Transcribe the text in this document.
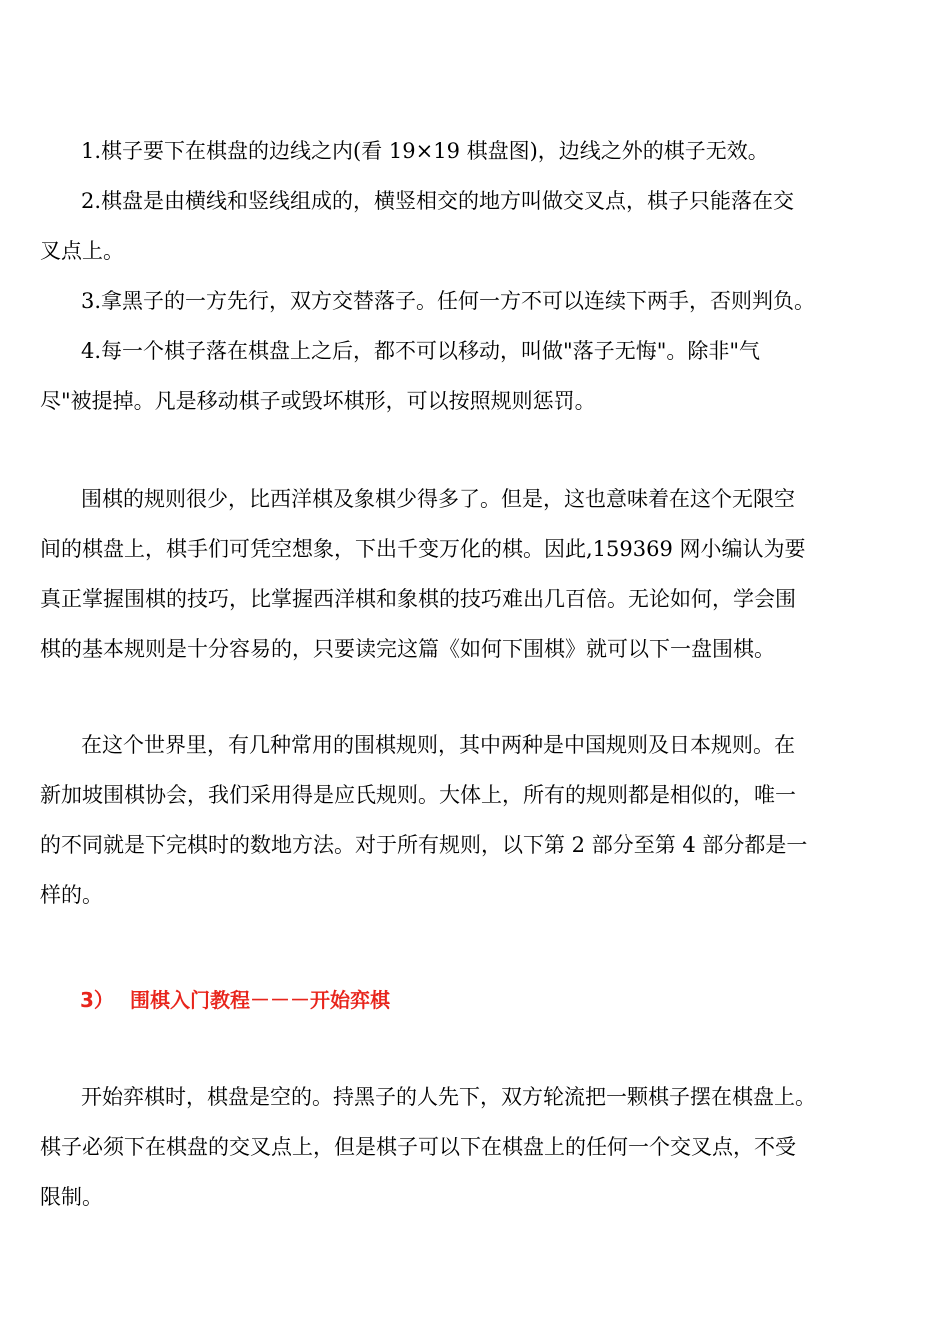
1.棋子要下在棋盘的边线之内(看 19×19 棋盘图)，边线之外的棋子无效。
2.棋盘是由横线和竖线组成的，横竖相交的地方叫做交叉点，棋子只能落在交
叉点上。
3.拿黑子的一方先行，双方交替落子。任何一方不可以连续下两手，否则判负。
4.每一个棋子落在棋盘上之后，都不可以移动，叫做"落子无悔"。除非"气
尽"被提掉。凡是移动棋子或毁坏棋形，可以按照规则惩罚。
围棋的规则很少，比西洋棋及象棋少得多了。但是，这也意味着在这个无限空
间的棋盘上，棋手们可凭空想象，下出千变万化的棋。因此,159369 网小编认为要
真正掌握围棋的技巧，比掌握西洋棋和象棋的技巧难出几百倍。无论如何，学会围
棋的基本规则是十分容易的，只要读完这篇《如何下围棋》就可以下一盘围棋。
在这个世界里，有几种常用的围棋规则，其中两种是中国规则及日本规则。在
新加坡围棋协会，我们采用得是应氏规则。大体上，所有的规则都是相似的，唯一
的不同就是下完棋时的数地方法。对于所有规则，以下第 2 部分至第 4 部分都是一
样的。
3） 围棋入门教程－－－开始弈棋
开始弈棋时，棋盘是空的。持黑子的人先下，双方轮流把一颗棋子摆在棋盘上。
棋子必须下在棋盘的交叉点上，但是棋子可以下在棋盘上的任何一个交叉点，不受
限制。
